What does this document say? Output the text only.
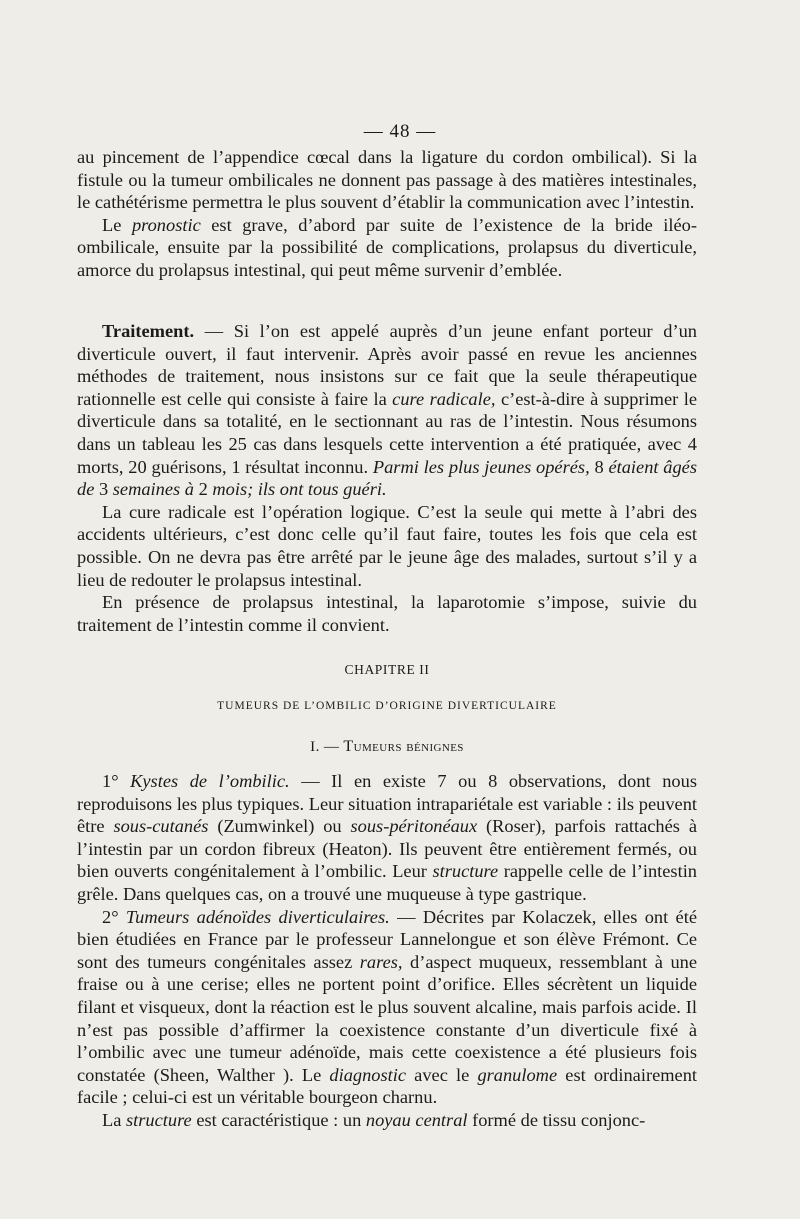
— 48 —

au pincement de l’appendice cœcal dans la ligature du cordon ombilical). Si la fistule ou la tumeur ombilicales ne donnent pas passage à des matières intestinales, le cathétérisme permettra le plus souvent d’établir la communication avec l’intestin.

Le pronostic est grave, d’abord par suite de l’existence de la bride iléo-ombilicale, ensuite par la possibilité de complications, prolapsus du diverticule, amorce du prolapsus intestinal, qui peut même survenir d’emblée.

Traitement. — Si l’on est appelé auprès d’un jeune enfant porteur d’un diverticule ouvert, il faut intervenir. Après avoir passé en revue les anciennes méthodes de traitement, nous insistons sur ce fait que la seule thérapeutique rationnelle est celle qui consiste à faire la cure radicale, c’est-à-dire à supprimer le diverticule dans sa totalité, en le sectionnant au ras de l’intestin. Nous résumons dans un tableau les 25 cas dans lesquels cette intervention a été pratiquée, avec 4 morts, 20 guérisons, 1 résultat inconnu. Parmi les plus jeunes opérés, 8 étaient âgés de 3 semaines à 2 mois; ils ont tous guéri.

La cure radicale est l’opération logique. C’est la seule qui mette à l’abri des accidents ultérieurs, c’est donc celle qu’il faut faire, toutes les fois que cela est possible. On ne devra pas être arrêté par le jeune âge des malades, surtout s’il y a lieu de redouter le prolapsus intestinal.

En présence de prolapsus intestinal, la laparotomie s’impose, suivie du traitement de l’intestin comme il convient.

CHAPITRE II
TUMEURS DE L’OMBILIC D’ORIGINE DIVERTICULAIRE
I. — Tumeurs bénignes

1° Kystes de l’ombilic. — Il en existe 7 ou 8 observations, dont nous reproduisons les plus typiques. Leur situation intrapariétale est variable : ils peuvent être sous-cutanés (Zumwinkel) ou sous-péritonéaux (Roser), parfois rattachés à l’intestin par un cordon fibreux (Heaton). Ils peuvent être entièrement fermés, ou bien ouverts congénitalement à l’ombilic. Leur structure rappelle celle de l’intestin grêle. Dans quelques cas, on a trouvé une muqueuse à type gastrique.

2° Tumeurs adénoïdes diverticulaires. — Décrites par Kolaczek, elles ont été bien étudiées en France par le professeur Lannelongue et son élève Frémont. Ce sont des tumeurs congénitales assez rares, d’aspect muqueux, ressemblant à une fraise ou à une cerise; elles ne portent point d’orifice. Elles sécrètent un liquide filant et visqueux, dont la réaction est le plus souvent alcaline, mais parfois acide. Il n’est pas possible d’affirmer la coexistence constante d’un diverticule fixé à l’ombilic avec une tumeur adénoïde, mais cette coexistence a été plusieurs fois constatée (Sheen, Walther ). Le diagnostic avec le granulome est ordinairement facile ; celui-ci est un véritable bourgeon charnu.

La structure est caractéristique : un noyau central formé de tissu conjonc-
